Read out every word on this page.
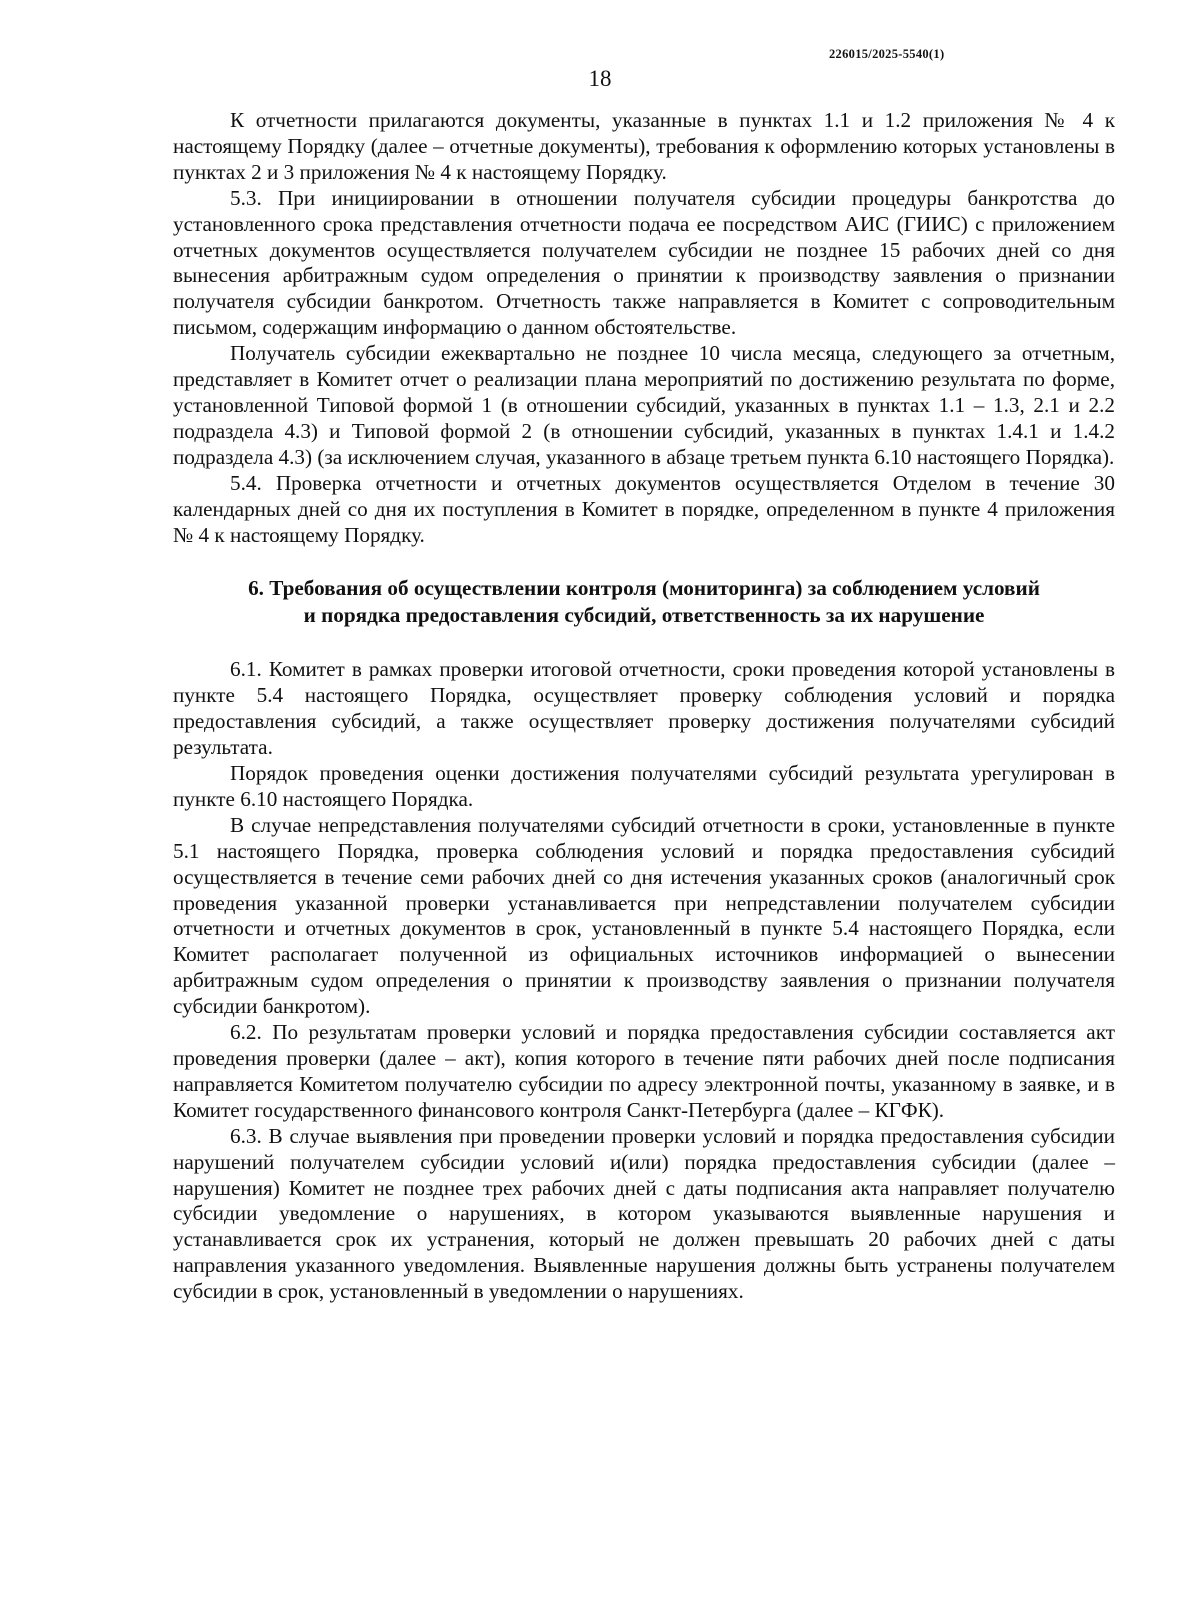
226015/2025-5540(1)
18

К отчетности прилагаются документы, указанные в пунктах 1.1 и 1.2 приложения № 4 к настоящему Порядку (далее – отчетные документы), требования к оформлению которых установлены в пунктах 2 и 3 приложения № 4 к настоящему Порядку.

5.3. При инициировании в отношении получателя субсидии процедуры банкротства до установленного срока представления отчетности подача ее посредством АИС (ГИИС) с приложением отчетных документов осуществляется получателем субсидии не позднее 15 рабочих дней со дня вынесения арбитражным судом определения о принятии к производству заявления о признании получателя субсидии банкротом. Отчетность также направляется в Комитет с сопроводительным письмом, содержащим информацию о данном обстоятельстве.

Получатель субсидии ежеквартально не позднее 10 числа месяца, следующего за отчетным, представляет в Комитет отчет о реализации плана мероприятий по достижению результата по форме, установленной Типовой формой 1 (в отношении субсидий, указанных в пунктах 1.1 – 1.3, 2.1 и 2.2 подраздела 4.3) и Типовой формой 2 (в отношении субсидий, указанных в пунктах 1.4.1 и 1.4.2 подраздела 4.3) (за исключением случая, указанного в абзаце третьем пункта 6.10 настоящего Порядка).

5.4. Проверка отчетности и отчетных документов осуществляется Отделом в течение 30 календарных дней со дня их поступления в Комитет в порядке, определенном в пункте 4 приложения № 4 к настоящему Порядку.

6. Требования об осуществлении контроля (мониторинга) за соблюдением условий
и порядка предоставления субсидий, ответственность за их нарушение

6.1. Комитет в рамках проверки итоговой отчетности, сроки проведения которой установлены в пункте 5.4 настоящего Порядка, осуществляет проверку соблюдения условий и порядка предоставления субсидий, а также осуществляет проверку достижения получателями субсидий результата.

Порядок проведения оценки достижения получателями субсидий результата урегулирован в пункте 6.10 настоящего Порядка.

В случае непредставления получателями субсидий отчетности в сроки, установленные в пункте 5.1 настоящего Порядка, проверка соблюдения условий и порядка предоставления субсидий осуществляется в течение семи рабочих дней со дня истечения указанных сроков (аналогичный срок проведения указанной проверки устанавливается при непредставлении получателем субсидии отчетности и отчетных документов в срок, установленный в пункте 5.4 настоящего Порядка, если Комитет располагает полученной из официальных источников информацией о вынесении арбитражным судом определения о принятии к производству заявления о признании получателя субсидии банкротом).

6.2. По результатам проверки условий и порядка предоставления субсидии составляется акт проведения проверки (далее – акт), копия которого в течение пяти рабочих дней после подписания направляется Комитетом получателю субсидии по адресу электронной почты, указанному в заявке, и в Комитет государственного финансового контроля Санкт-Петербурга (далее – КГФК).

6.3. В случае выявления при проведении проверки условий и порядка предоставления субсидии нарушений получателем субсидии условий и(или) порядка предоставления субсидии (далее – нарушения) Комитет не позднее трех рабочих дней с даты подписания акта направляет получателю субсидии уведомление о нарушениях, в котором указываются выявленные нарушения и устанавливается срок их устранения, который не должен превышать 20 рабочих дней с даты направления указанного уведомления. Выявленные нарушения должны быть устранены получателем субсидии в срок, установленный в уведомлении о нарушениях.
